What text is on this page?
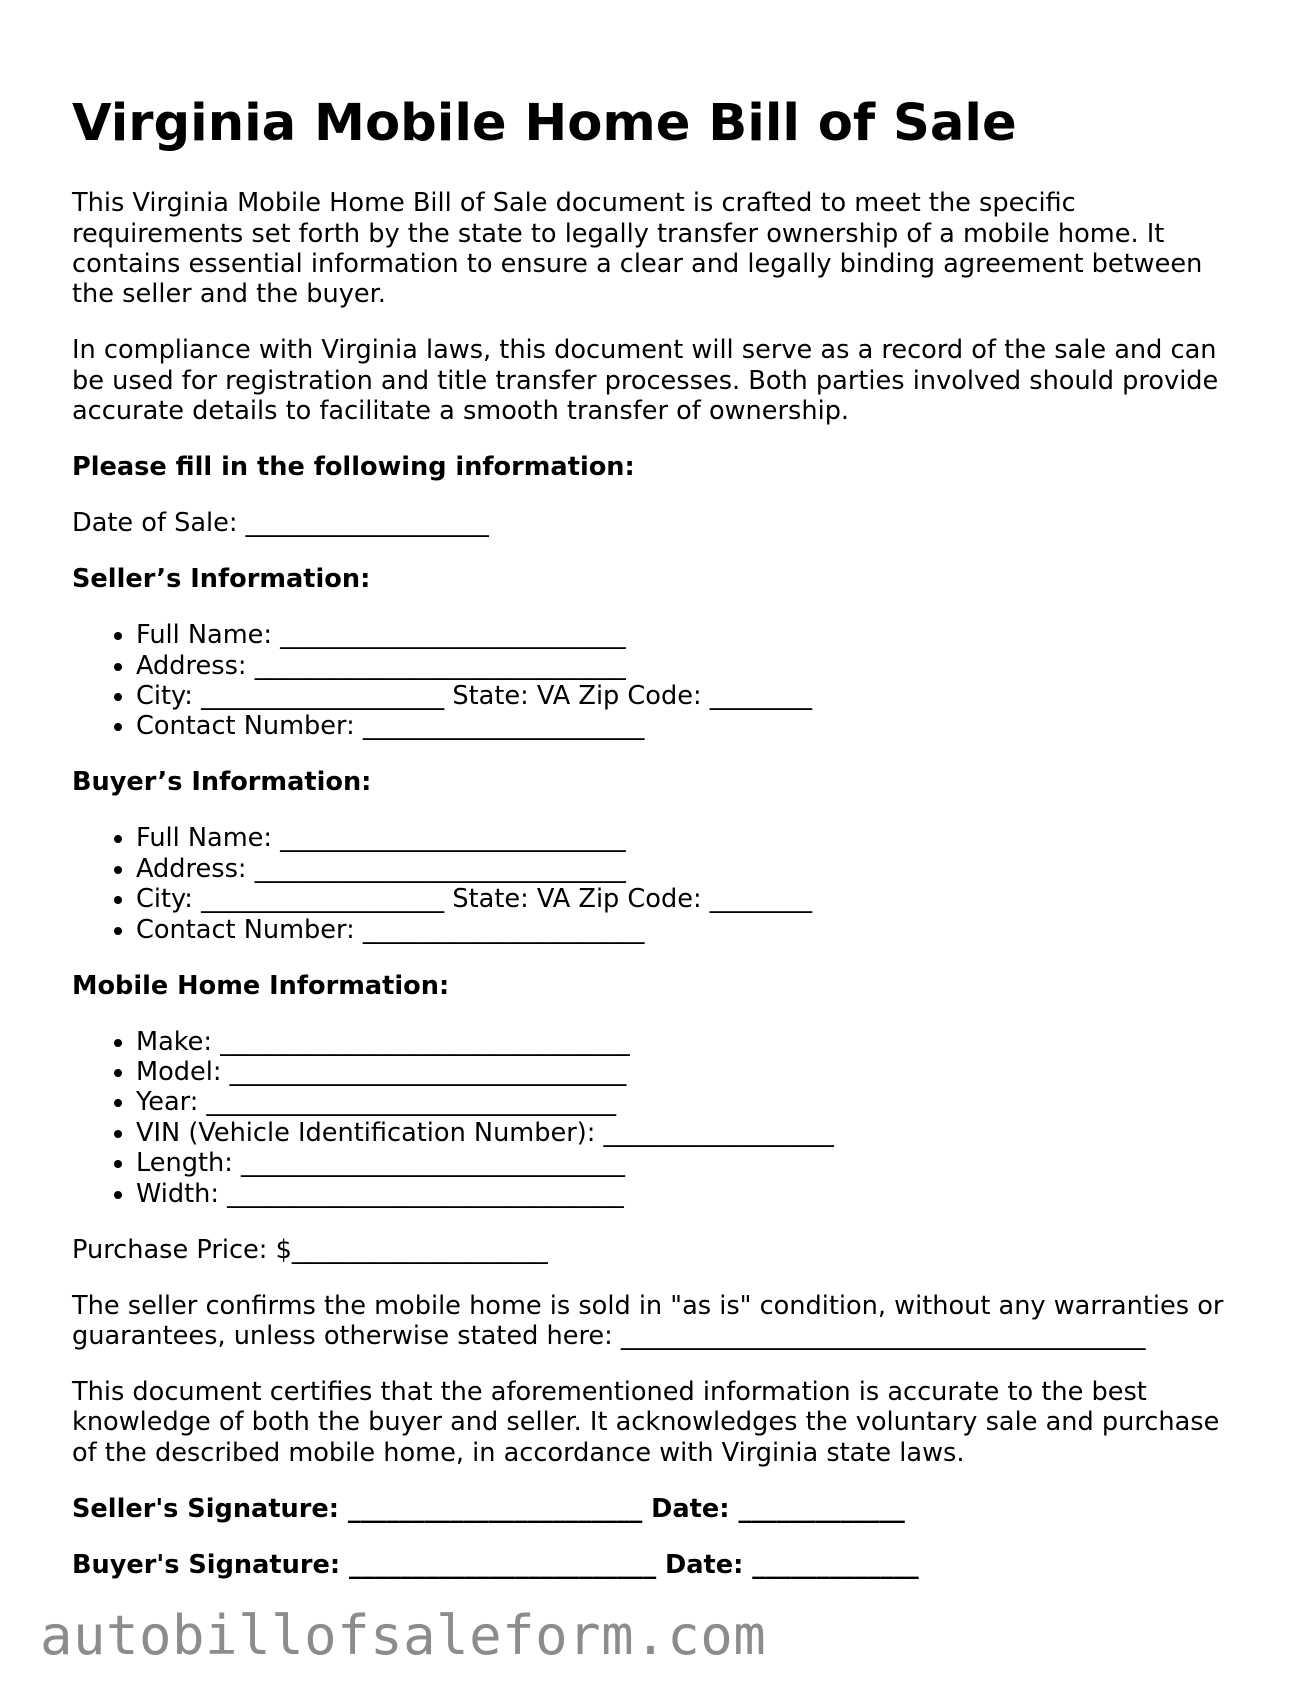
Virginia Mobile Home Bill of Sale

This Virginia Mobile Home Bill of Sale document is crafted to meet the specific requirements set forth by the state to legally transfer ownership of a mobile home. It contains essential information to ensure a clear and legally binding agreement between the seller and the buyer.

In compliance with Virginia laws, this document will serve as a record of the sale and can be used for registration and title transfer processes. Both parties involved should provide accurate details to facilitate a smooth transfer of ownership.

Please fill in the following information:

Date of Sale: ___________________

Seller’s Information:

• Full Name: ___________________________
• Address: _____________________________
• City: ___________________ State: VA Zip Code: ________
• Contact Number: ______________________

Buyer’s Information:

• Full Name: ___________________________
• Address: _____________________________
• City: ___________________ State: VA Zip Code: ________
• Contact Number: ______________________

Mobile Home Information:

• Make: ________________________________
• Model: _______________________________
• Year: ________________________________
• VIN (Vehicle Identification Number): __________________
• Length: ______________________________
• Width: _______________________________

Purchase Price: $____________________

The seller confirms the mobile home is sold in "as is" condition, without any warranties or guarantees, unless otherwise stated here: _________________________________________

This document certifies that the aforementioned information is accurate to the best knowledge of both the buyer and seller. It acknowledges the voluntary sale and purchase of the described mobile home, in accordance with Virginia state laws.

Seller's Signature: _______________________ Date: _____________

Buyer's Signature: ________________________ Date: _____________

autobillofsaleform.com
